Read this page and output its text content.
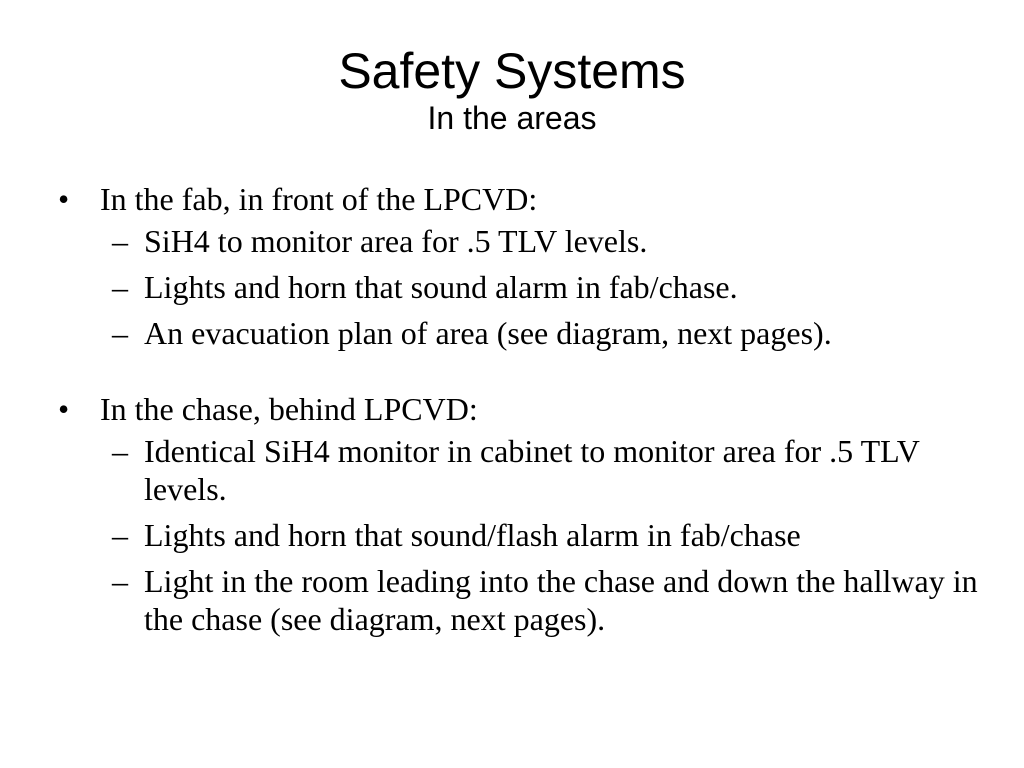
Safety Systems
In the areas

• In the fab, in front of the LPCVD:

– SiH4 to monitor area for .5 TLV levels.

– Lights and horn that sound alarm in fab/chase.

– An evacuation plan of area (see diagram, next pages).

• In the chase, behind LPCVD:

– Identical SiH4 monitor in cabinet to monitor area for .5 TLV levels.

– Lights and horn that sound/flash alarm in fab/chase

– Light in the room leading into the chase and down the hallway in the chase (see diagram, next pages).
